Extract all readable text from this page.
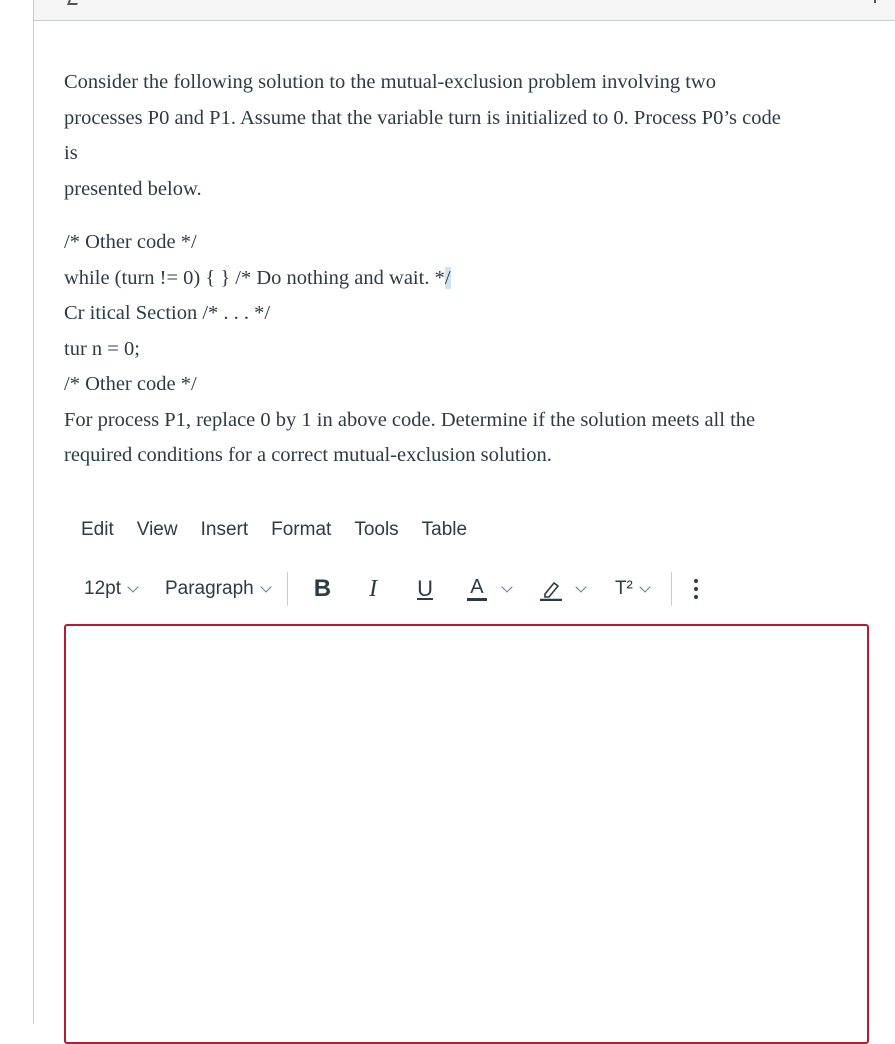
Consider the following solution to the mutual-exclusion problem involving two

processes P0 and P1. Assume that the variable turn is initialized to 0. Process P0’s code

is

presented below.

/* Other code */

while (turn != 0) { } /* Do nothing and wait. */

Cr itical Section /* . . . */

tur n = 0;

/* Other code */

For process P1, replace 0 by 1 in above code. Determine if the solution meets all the

required conditions for a correct mutual-exclusion solution.

Edit View Insert Format Tools Table
12pt Paragraph	B I U A	T²
